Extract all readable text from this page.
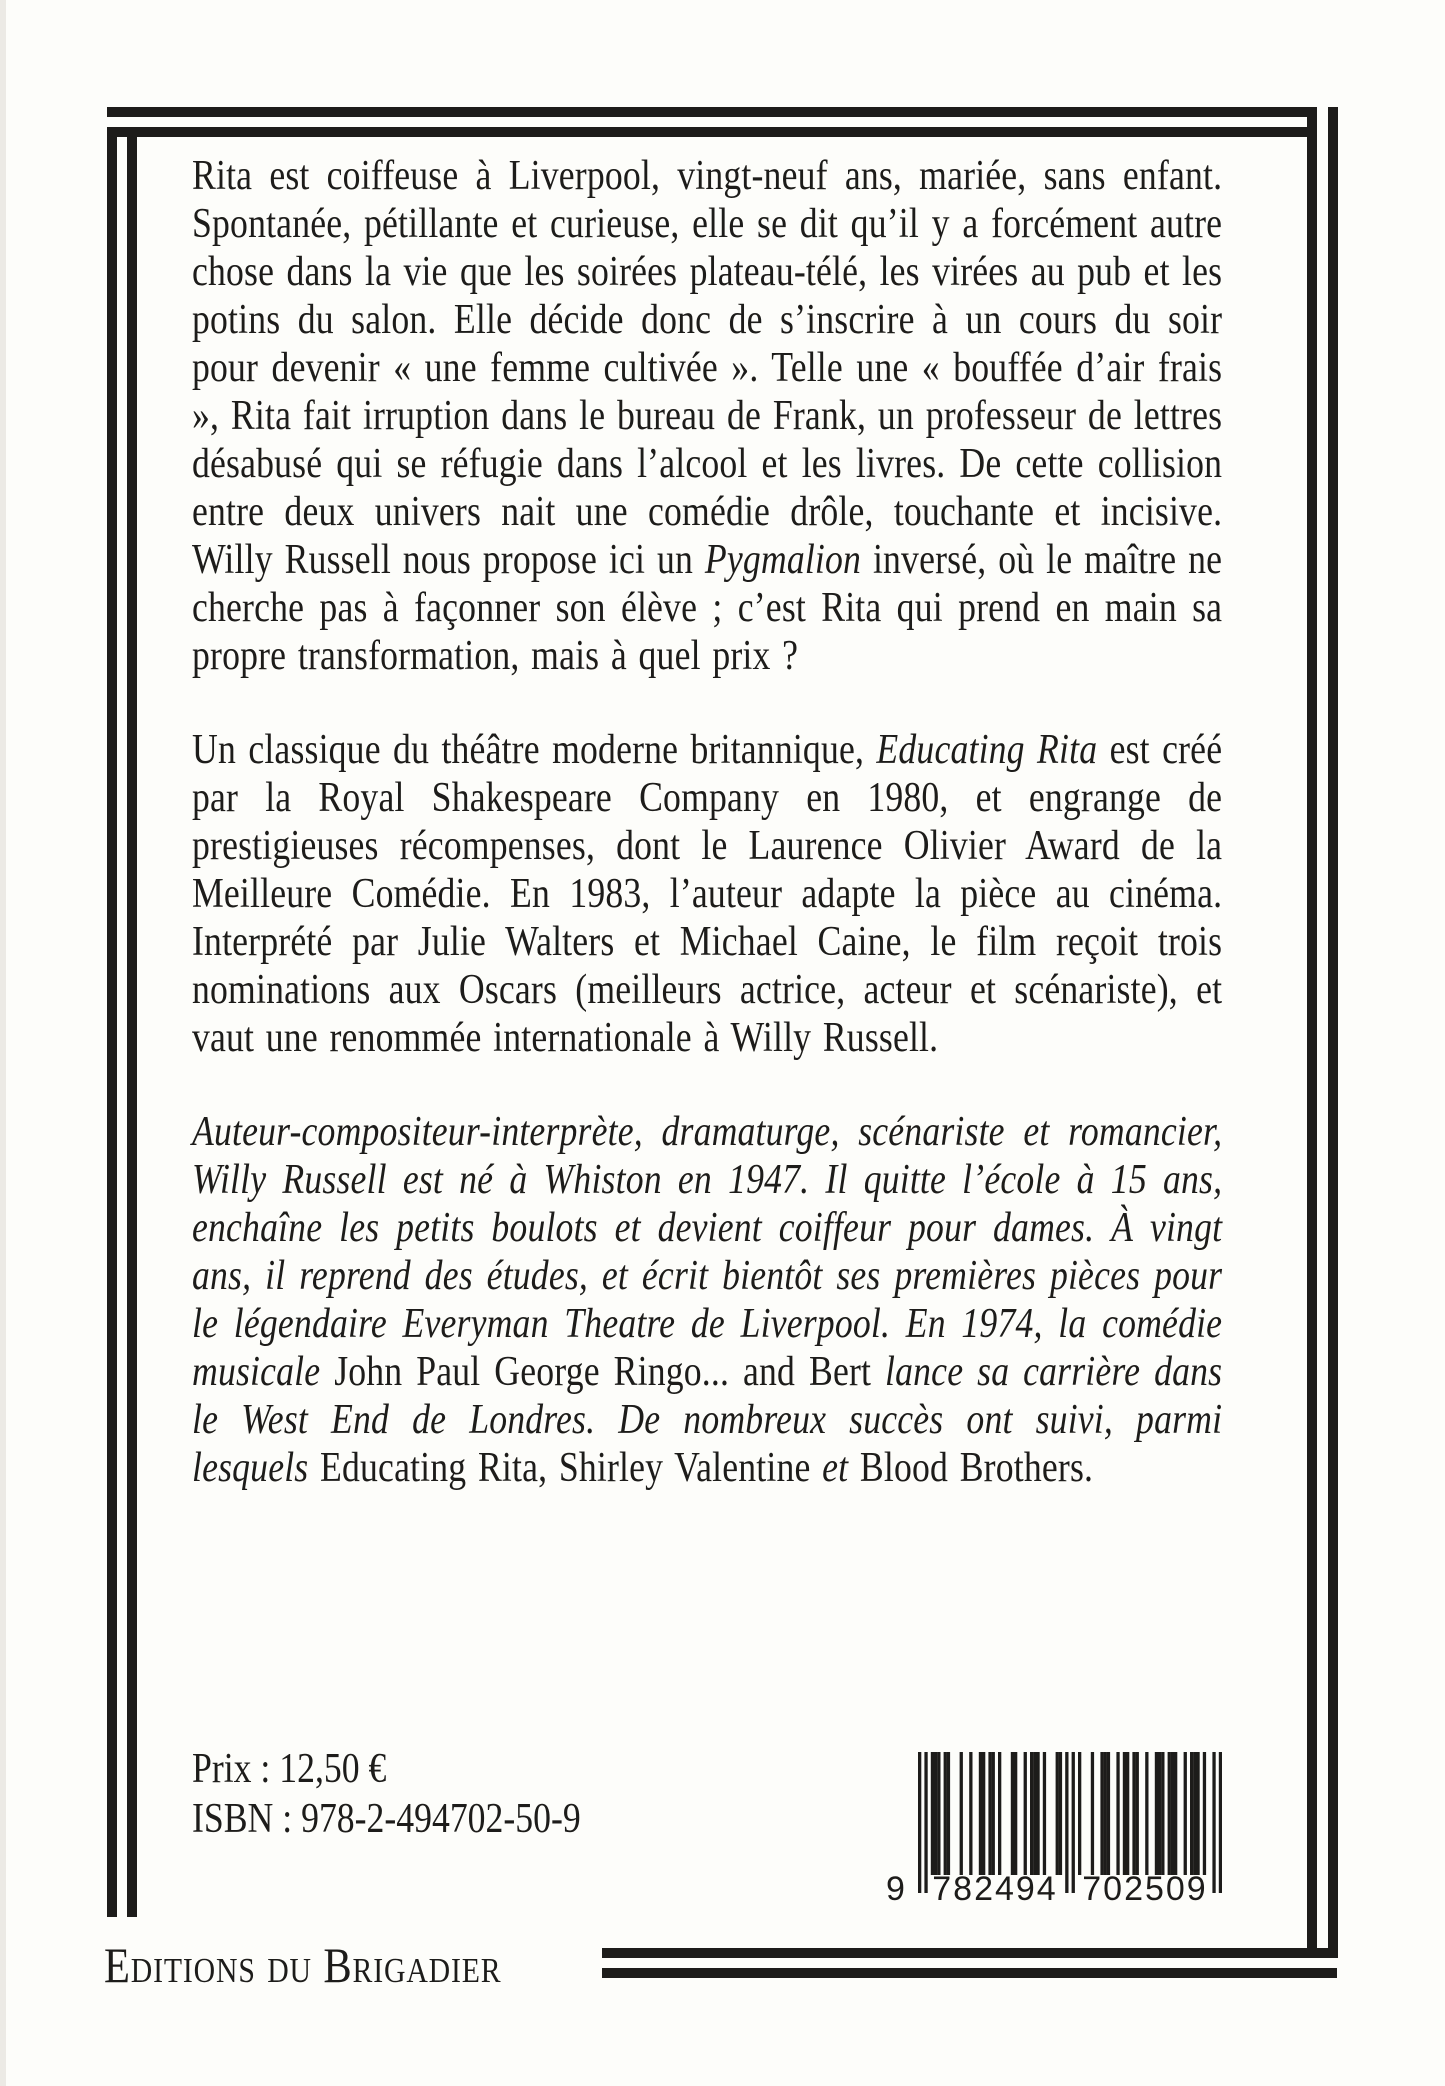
Rita est coiffeuse à Liverpool, vingt-neuf ans, mariée, sans enfant. Spontanée, pétillante et curieuse, elle se dit qu’il y a forcément autre chose dans la vie que les soirées plateau-télé, les virées au pub et les potins du salon. Elle décide donc de s’inscrire à un cours du soir pour devenir « une femme cultivée ». Telle une « bouffée d’air frais », Rita fait irruption dans le bureau de Frank, un professeur de lettres désabusé qui se réfugie dans l’alcool et les livres. De cette collision entre deux univers nait une comédie drôle, touchante et incisive. Willy Russell nous propose ici un Pygmalion inversé, où le maître ne cherche pas à façonner son élève ; c’est Rita qui prend en main sa propre transformation, mais à quel prix ?

Un classique du théâtre moderne britannique, Educating Rita est créé par la Royal Shakespeare Company en 1980, et engrange de prestigieuses récompenses, dont le Laurence Olivier Award de la Meilleure Comédie. En 1983, l’auteur adapte la pièce au cinéma. Interprété par Julie Walters et Michael Caine, le film reçoit trois nominations aux Oscars (meilleurs actrice, acteur et scénariste), et vaut une renommée internationale à Willy Russell.

Auteur-compositeur-interprète, dramaturge, scénariste et romancier, Willy Russell est né à Whiston en 1947. Il quitte l’école à 15 ans, enchaîne les petits boulots et devient coiffeur pour dames. À vingt ans, il reprend des études, et écrit bientôt ses premières pièces pour le légendaire Everyman Theatre de Liverpool. En 1974, la comédie musicale John Paul George Ringo... and Bert lance sa carrière dans le West End de Londres. De nombreux succès ont suivi, parmi lesquels Educating Rita, Shirley Valentine et Blood Brothers.

Prix : 12,50 €
ISBN : 978-2-494702-50-9
9 782494 702509
Editions du Brigadier
